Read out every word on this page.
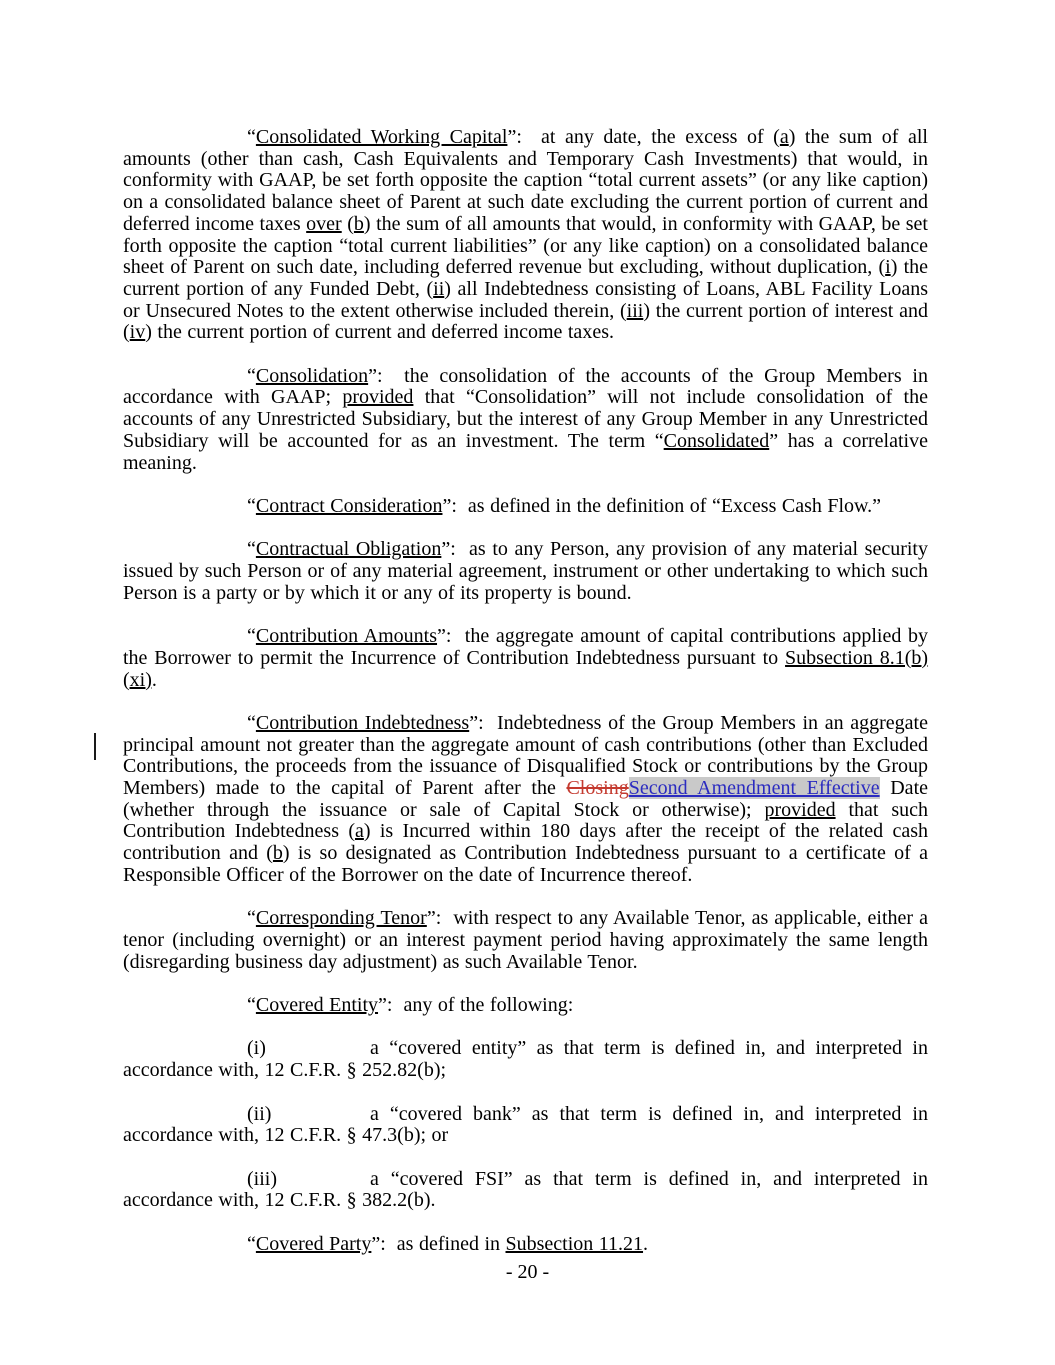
“Consolidated Working Capital”:  at any date, the excess of (a) the sum of all amounts (other than cash, Cash Equivalents and Temporary Cash Investments) that would, in conformity with GAAP, be set forth opposite the caption “total current assets” (or any like caption) on a consolidated balance sheet of Parent at such date excluding the current portion of current and deferred income taxes over (b) the sum of all amounts that would, in conformity with GAAP, be set forth opposite the caption “total current liabilities” (or any like caption) on a consolidated balance sheet of Parent on such date, including deferred revenue but excluding, without duplication, (i) the current portion of any Funded Debt, (ii) all Indebtedness consisting of Loans, ABL Facility Loans or Unsecured Notes to the extent otherwise included therein, (iii) the current portion of interest and (iv) the current portion of current and deferred income taxes.

“Consolidation”:  the consolidation of the accounts of the Group Members in accordance with GAAP; provided that “Consolidation” will not include consolidation of the accounts of any Unrestricted Subsidiary, but the interest of any Group Member in any Unrestricted Subsidiary will be accounted for as an investment. The term “Consolidated” has a correlative meaning.

“Contract Consideration”:  as defined in the definition of “Excess Cash Flow.”

“Contractual Obligation”:  as to any Person, any provision of any material security issued by such Person or of any material agreement, instrument or other undertaking to which such Person is a party or by which it or any of its property is bound.

“Contribution Amounts”:  the aggregate amount of capital contributions applied by the Borrower to permit the Incurrence of Contribution Indebtedness pursuant to Subsection 8.1(b)(xi).

“Contribution Indebtedness”:  Indebtedness of the Group Members in an aggregate principal amount not greater than the aggregate amount of cash contributions (other than Excluded Contributions, the proceeds from the issuance of Disqualified Stock or contributions by the Group Members) made to the capital of Parent after the ClosingSecond Amendment Effective Date (whether through the issuance or sale of Capital Stock or otherwise); provided that such Contribution Indebtedness (a) is Incurred within 180 days after the receipt of the related cash contribution and (b) is so designated as Contribution Indebtedness pursuant to a certificate of a Responsible Officer of the Borrower on the date of Incurrence thereof.

“Corresponding Tenor”:  with respect to any Available Tenor, as applicable, either a tenor (including overnight) or an interest payment period having approximately the same length (disregarding business day adjustment) as such Available Tenor.

“Covered Entity”:  any of the following:

(i)	a “covered entity” as that term is defined in, and interpreted in accordance with, 12 C.F.R. § 252.82(b);

(ii)	a “covered bank” as that term is defined in, and interpreted in accordance with, 12 C.F.R. § 47.3(b); or

(iii)	a “covered FSI” as that term is defined in, and interpreted in accordance with, 12 C.F.R. § 382.2(b).

“Covered Party”:  as defined in Subsection 11.21.

- 20 -
